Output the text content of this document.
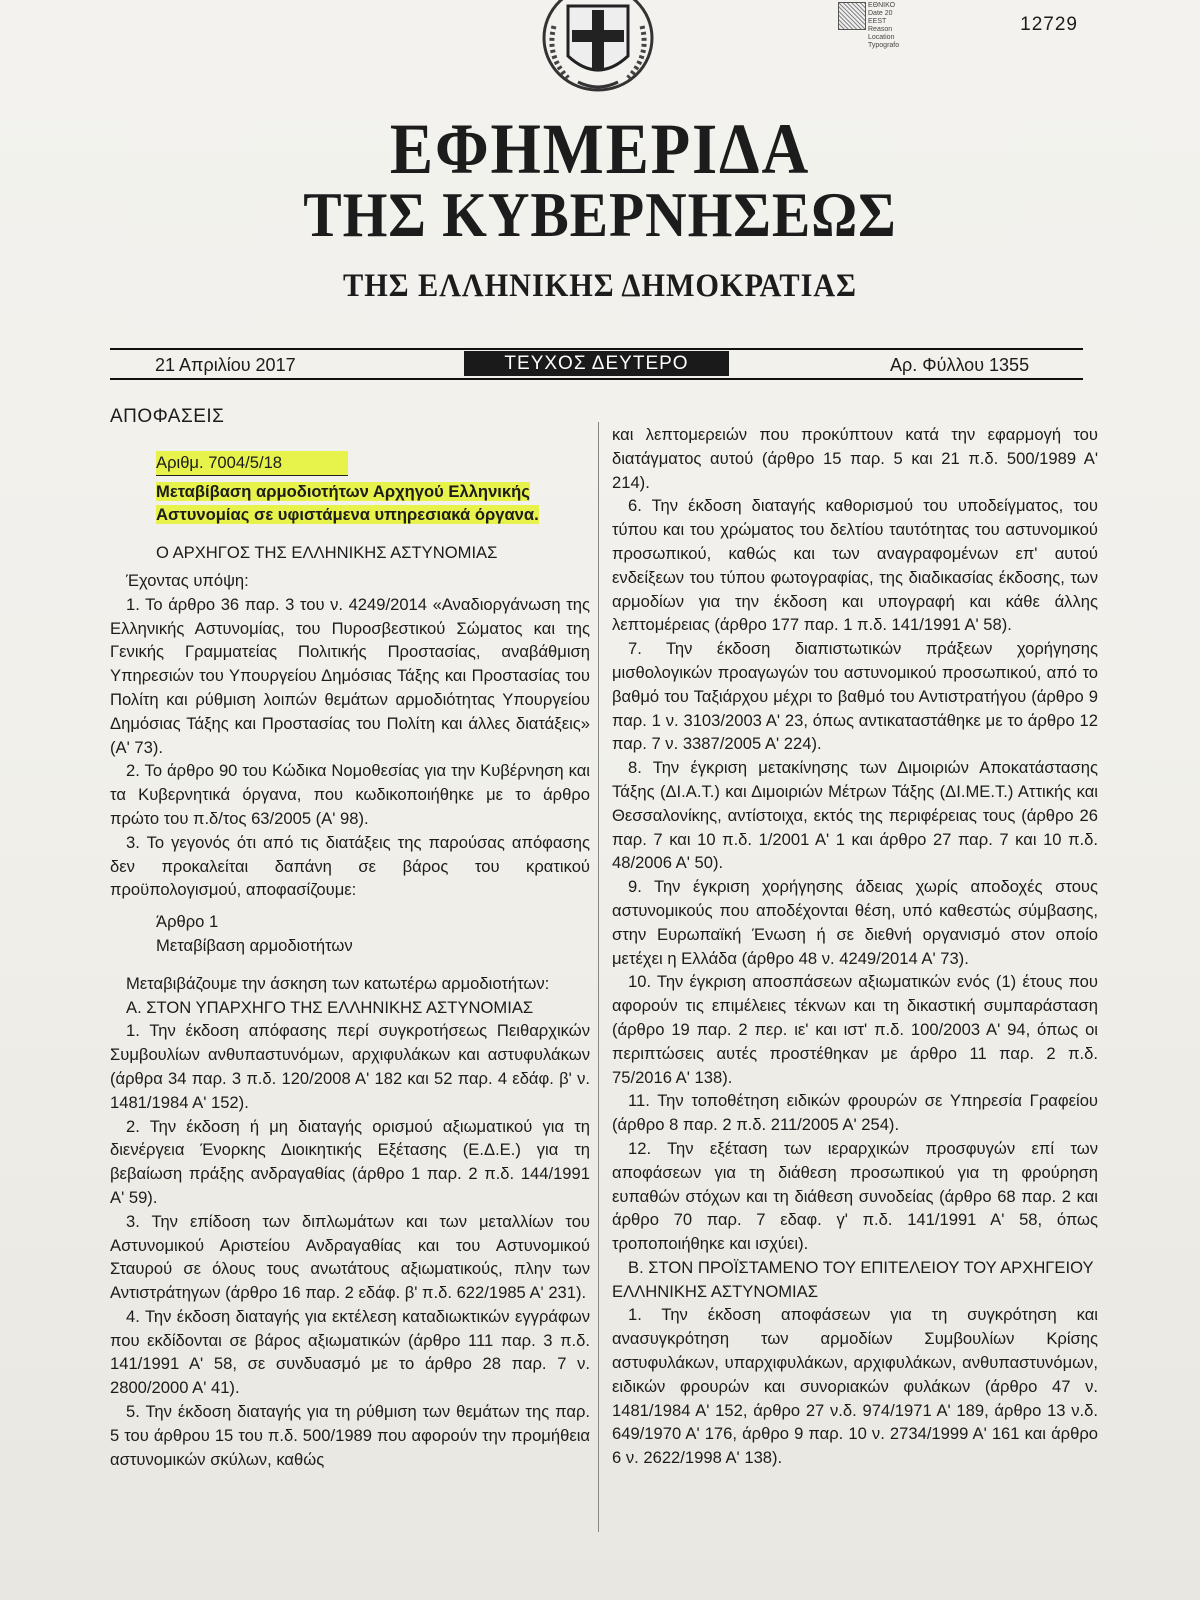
ΕΘΝΙΚΟ
Date 20
EEST
Reason
Location
Typografo
12729
ΕΦΗΜΕΡΙΔΑ
ΤΗΣ ΚΥΒΕΡΝΗΣΕΩΣ
ΤΗΣ ΕΛΛΗΝΙΚΗΣ ΔΗΜΟΚΡΑΤΙΑΣ
21 Απριλίου 2017	ΤΕΥΧΟΣ ΔΕΥΤΕΡΟ	Αρ. Φύλλου 1355

ΑΠΟΦΑΣΕΙΣ

Αριθμ. 7004/5/18

Μεταβίβαση αρμοδιοτήτων Αρχηγού Ελληνικής Αστυνομίας σε υφιστάμενα υπηρεσιακά όργανα.

Ο ΑΡΧΗΓΟΣ ΤΗΣ ΕΛΛΗΝΙΚΗΣ ΑΣΤΥΝΟΜΙΑΣ

Έχοντας υπόψη:

1. Το άρθρο 36 παρ. 3 του ν. 4249/2014 «Αναδιοργάνωση της Ελληνικής Αστυνομίας, του Πυροσβεστικού Σώματος και της Γενικής Γραμματείας Πολιτικής Προστασίας, αναβάθμιση Υπηρεσιών του Υπουργείου Δημόσιας Τάξης και Προστασίας του Πολίτη και ρύθμιση λοιπών θεμάτων αρμοδιότητας Υπουργείου Δημόσιας Τάξης και Προστασίας του Πολίτη και άλλες διατάξεις» (Α' 73).

2. Το άρθρο 90 του Κώδικα Νομοθεσίας για την Κυβέρνηση και τα Κυβερνητικά όργανα, που κωδικοποιήθηκε με το άρθρο πρώτο του π.δ/τος 63/2005 (Α' 98).

3. Το γεγονός ότι από τις διατάξεις της παρούσας απόφασης δεν προκαλείται δαπάνη σε βάρος του κρατικού προϋπολογισμού, αποφασίζουμε:

Άρθρο 1

Μεταβίβαση αρμοδιοτήτων

Μεταβιβάζουμε την άσκηση των κατωτέρω αρμοδιοτήτων:

Α. ΣΤΟΝ ΥΠΑΡΧΗΓΟ ΤΗΣ ΕΛΛΗΝΙΚΗΣ ΑΣΤΥΝΟΜΙΑΣ

1. Την έκδοση απόφασης περί συγκροτήσεως Πειθαρχικών Συμβουλίων ανθυπαστυνόμων, αρχιφυλάκων και αστυφυλάκων (άρθρα 34 παρ. 3 π.δ. 120/2008 Α' 182 και 52 παρ. 4 εδάφ. β' ν. 1481/1984 Α' 152).

2. Την έκδοση ή μη διαταγής ορισμού αξιωματικού για τη διενέργεια Ένορκης Διοικητικής Εξέτασης (Ε.Δ.Ε.) για τη βεβαίωση πράξης ανδραγαθίας (άρθρο 1 παρ. 2 π.δ. 144/1991 Α' 59).

3. Την επίδοση των διπλωμάτων και των μεταλλίων του Αστυνομικού Αριστείου Ανδραγαθίας και του Αστυνομικού Σταυρού σε όλους τους ανωτάτους αξιωματικούς, πλην των Αντιστράτηγων (άρθρο 16 παρ. 2 εδάφ. β' π.δ. 622/1985 Α' 231).

4. Την έκδοση διαταγής για εκτέλεση καταδιωκτικών εγγράφων που εκδίδονται σε βάρος αξιωματικών (άρθρο 111 παρ. 3 π.δ. 141/1991 Α' 58, σε συνδυασμό με το άρθρο 28 παρ. 7 ν. 2800/2000 Α' 41).

5. Την έκδοση διαταγής για τη ρύθμιση των θεμάτων της παρ. 5 του άρθρου 15 του π.δ. 500/1989 που αφορούν την προμήθεια αστυνομικών σκύλων, καθώς

και λεπτομερειών που προκύπτουν κατά την εφαρμογή του διατάγματος αυτού (άρθρο 15 παρ. 5 και 21 π.δ. 500/1989 Α' 214).

6. Την έκδοση διαταγής καθορισμού του υποδείγματος, του τύπου και του χρώματος του δελτίου ταυτότητας του αστυνομικού προσωπικού, καθώς και των αναγραφομένων επ' αυτού ενδείξεων του τύπου φωτογραφίας, της διαδικασίας έκδοσης, των αρμοδίων για την έκδοση και υπογραφή και κάθε άλλης λεπτομέρειας (άρθρο 177 παρ. 1 π.δ. 141/1991 Α' 58).

7. Την έκδοση διαπιστωτικών πράξεων χορήγησης μισθολογικών προαγωγών του αστυνομικού προσωπικού, από το βαθμό του Ταξιάρχου μέχρι το βαθμό του Αντιστρατήγου (άρθρο 9 παρ. 1 ν. 3103/2003 Α' 23, όπως αντικαταστάθηκε με το άρθρο 12 παρ. 7 ν. 3387/2005 Α' 224).

8. Την έγκριση μετακίνησης των Διμοιριών Αποκατάστασης Τάξης (ΔΙ.Α.Τ.) και Διμοιριών Μέτρων Τάξης (ΔΙ.ΜΕ.Τ.) Αττικής και Θεσσαλονίκης, αντίστοιχα, εκτός της περιφέρειας τους (άρθρο 26 παρ. 7 και 10 π.δ. 1/2001 Α' 1 και άρθρο 27 παρ. 7 και 10 π.δ. 48/2006 Α' 50).

9. Την έγκριση χορήγησης άδειας χωρίς αποδοχές στους αστυνομικούς που αποδέχονται θέση, υπό καθεστώς σύμβασης, στην Ευρωπαϊκή Ένωση ή σε διεθνή οργανισμό στον οποίο μετέχει η Ελλάδα (άρθρο 48 ν. 4249/2014 Α' 73).

10. Την έγκριση αποσπάσεων αξιωματικών ενός (1) έτους που αφορούν τις επιμέλειες τέκνων και τη δικαστική συμπαράσταση (άρθρο 19 παρ. 2 περ. ιε' και ιστ' π.δ. 100/2003 Α' 94, όπως οι περιπτώσεις αυτές προστέθηκαν με άρθρο 11 παρ. 2 π.δ. 75/2016 Α' 138).

11. Την τοποθέτηση ειδικών φρουρών σε Υπηρεσία Γραφείου (άρθρο 8 παρ. 2 π.δ. 211/2005 Α' 254).

12. Την εξέταση των ιεραρχικών προσφυγών επί των αποφάσεων για τη διάθεση προσωπικού για τη φρούρηση ευπαθών στόχων και τη διάθεση συνοδείας (άρθρο 68 παρ. 2 και άρθρο 70 παρ. 7 εδαφ. γ' π.δ. 141/1991 Α' 58, όπως τροποποιήθηκε και ισχύει).

Β. ΣΤΟΝ ΠΡΟΪΣΤΑΜΕΝΟ ΤΟΥ ΕΠΙΤΕΛΕΙΟΥ ΤΟΥ ΑΡΧΗΓΕΙΟΥ ΕΛΛΗΝΙΚΗΣ ΑΣΤΥΝΟΜΙΑΣ

1. Την έκδοση αποφάσεων για τη συγκρότηση και ανασυγκρότηση των αρμοδίων Συμβουλίων Κρίσης αστυφυλάκων, υπαρχιφυλάκων, αρχιφυλάκων, ανθυπαστυνόμων, ειδικών φρουρών και συνοριακών φυλάκων (άρθρο 47 ν. 1481/1984 Α' 152, άρθρο 27 ν.δ. 974/1971 Α' 189, άρθρο 13 ν.δ. 649/1970 Α' 176, άρθρο 9 παρ. 10 ν. 2734/1999 Α' 161 και άρθρο 6 ν. 2622/1998 Α' 138).
